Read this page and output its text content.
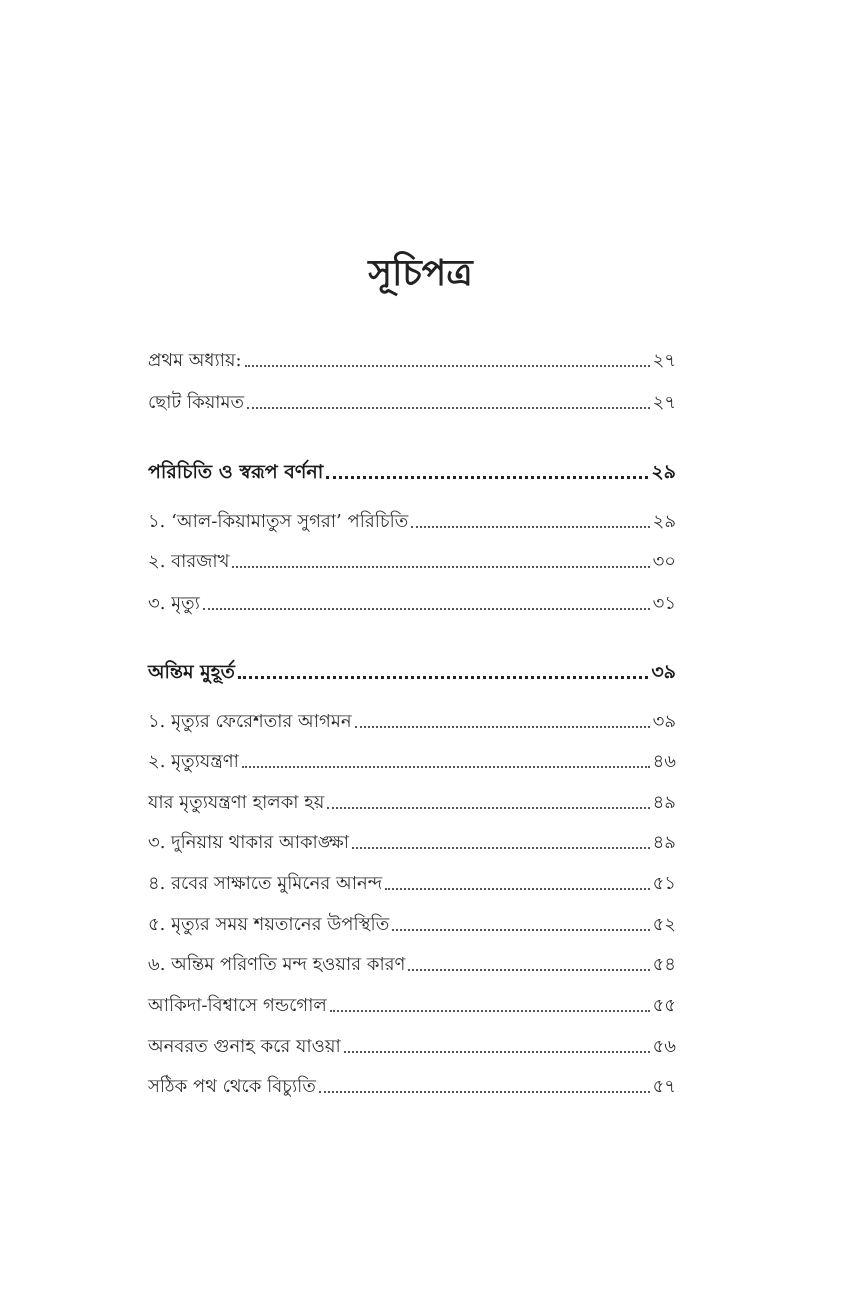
সূচিপত্র
প্রথম অধ্যায়:	২৭
ছোট কিয়ামত	২৭
পরিচিতি ও স্বরূপ বর্ণনা	২৯
১. ‘আল-কিয়ামাতুস সুগরা’ পরিচিতি	২৯
২. বারজাখ	৩০
৩. মৃত্যু	৩১
অন্তিম মুহূর্ত	৩৯
১. মৃত্যুর ফেরেশতার আগমন	৩৯
২. মৃত্যুযন্ত্রণা	৪৬
যার মৃত্যুযন্ত্রণা হালকা হয়	৪৯
৩. দুনিয়ায় থাকার আকাঙ্ক্ষা	৪৯
৪. রবের সাক্ষাতে মুমিনের আনন্দ	৫১
৫. মৃত্যুর সময় শয়তানের উপস্থিতি	৫২
৬. অন্তিম পরিণতি মন্দ হওয়ার কারণ	৫৪
আকিদা-বিশ্বাসে গন্ডগোল	৫৫
অনবরত গুনাহ করে যাওয়া	৫৬
সঠিক পথ থেকে বিচ্যুতি	৫৭
